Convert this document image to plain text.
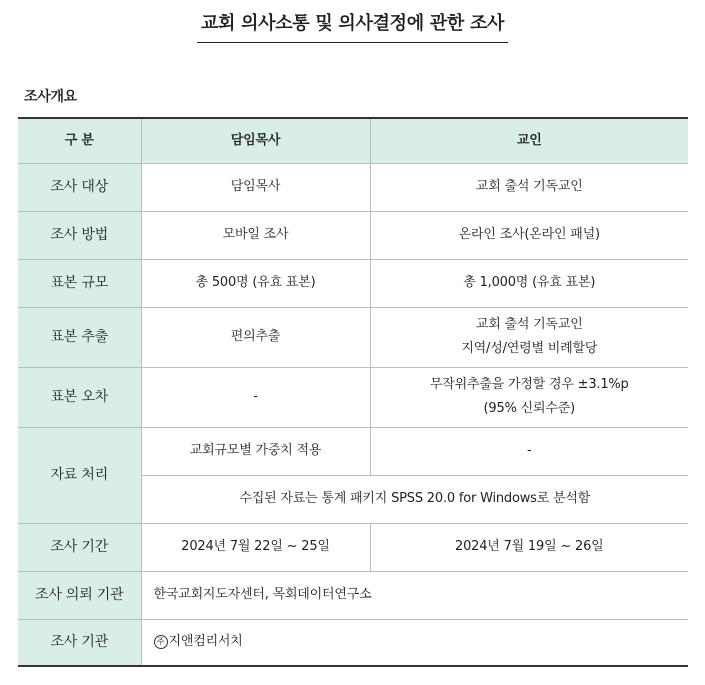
교회 의사소통 및 의사결정에 관한 조사
조사개요
구 분	담임목사	교인
조사 대상	담임목사	교회 출석 기독교인
조사 방법	모바일 조사	온라인 조사(온라인 패널)
표본 규모	총 500명 (유효 표본)	총 1,000명 (유효 표본)
표본 추출	편의추출	교회 출석 기독교인
지역/성/연령별 비례할당

표본 오차	-	무작위추출을 가정할 경우 ±3.1%p
(95% 신뢰수준)

자료 처리	교회규모별 가중치 적용	-
	수집된 자료는 통계 패키지 SPSS 20.0 for Windows로 분석함	
조사 기간	2024년 7월 22일 ~ 25일	2024년 7월 19일 ~ 26일
조사 의뢰 기관	한국교회지도자센터, 목회데이터연구소	
조사 기관	주 지앤컴리서치	
